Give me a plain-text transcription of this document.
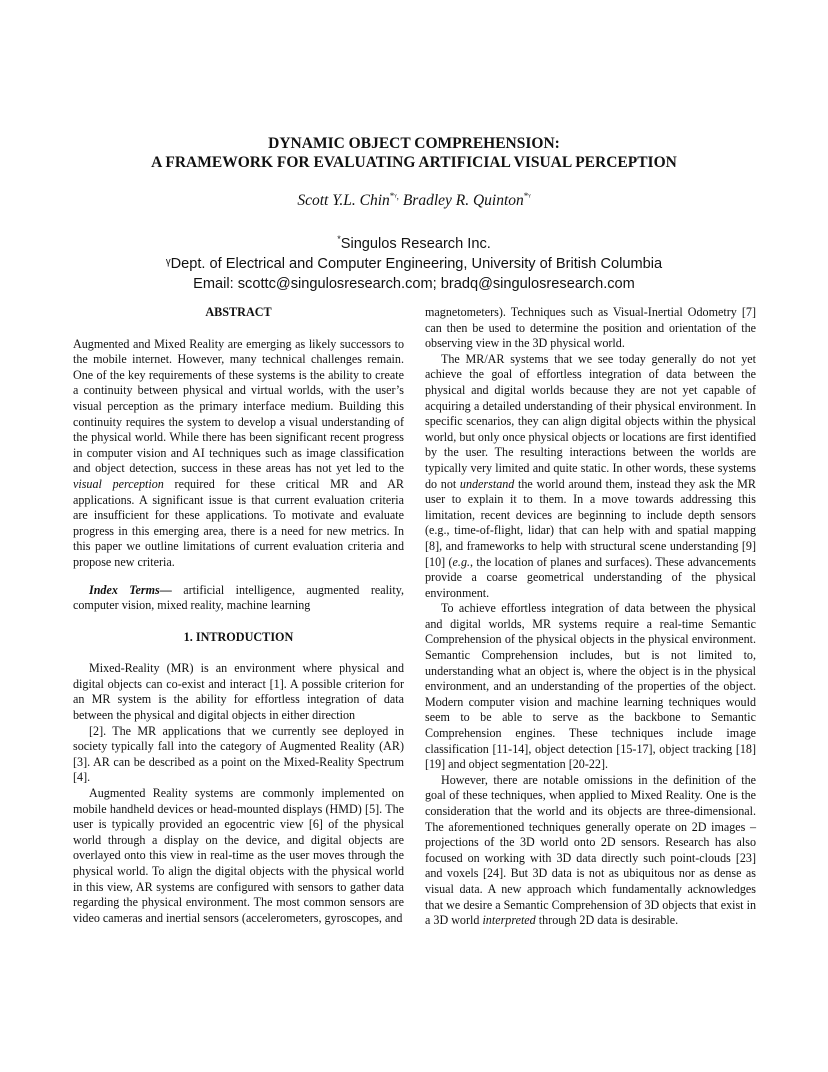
DYNAMIC OBJECT COMPREHENSION:
A FRAMEWORK FOR EVALUATING ARTIFICIAL VISUAL PERCEPTION
Scott Y.L. Chin$^{*ᵞ,}$ Bradley R. Quinton$^{*ᵞ}$
*Singulos Research Inc.
ᵞDept. of Electrical and Computer Engineering, University of British Columbia
Email: scottc@singulosresearch.com; bradq@singulosresearch.com

ABSTRACT

Augmented and Mixed Reality are emerging as likely successors to the mobile internet. However, many technical challenges remain. One of the key requirements of these systems is the ability to create a continuity between physical and virtual worlds, with the user’s visual perception as the primary interface medium. Building this continuity requires the system to develop a visual understanding of the physical world. While there has been significant recent progress in computer vision and AI techniques such as image classification and object detection, success in these areas has not yet led to the visual perception required for these critical MR and AR applications. A significant issue is that current evaluation criteria are insufficient for these applications. To motivate and evaluate progress in this emerging area, there is a need for new metrics. In this paper we outline limitations of current evaluation criteria and propose new criteria.

Index Terms— artificial intelligence, augmented reality, computer vision, mixed reality, machine learning

1. INTRODUCTION

Mixed-Reality (MR) is an environment where physical and digital objects can co-exist and interact [1]. A possible criterion for an MR system is the ability for effortless integration of data between the physical and digital objects in either direction

[2]. The MR applications that we currently see deployed in society typically fall into the category of Augmented Reality (AR) [3]. AR can be described as a point on the Mixed-Reality Spectrum [4].

Augmented Reality systems are commonly implemented on mobile handheld devices or head-mounted displays (HMD) [5]. The user is typically provided an egocentric view [6] of the physical world through a display on the device, and digital objects are overlayed onto this view in real-time as the user moves through the physical world. To align the digital objects with the physical world in this view, AR systems are configured with sensors to gather data regarding the physical environment. The most common sensors are video cameras and inertial sensors (accelerometers, gyroscopes, and

magnetometers). Techniques such as Visual-Inertial Odometry [7] can then be used to determine the position and orientation of the observing view in the 3D physical world.

The MR/AR systems that we see today generally do not yet achieve the goal of effortless integration of data between the physical and digital worlds because they are not yet capable of acquiring a detailed understanding of their physical environment. In specific scenarios, they can align digital objects within the physical world, but only once physical objects or locations are first identified by the user. The resulting interactions between the worlds are typically very limited and quite static. In other words, these systems do not understand the world around them, instead they ask the MR user to explain it to them. In a move towards addressing this limitation, recent devices are beginning to include depth sensors (e.g., time-of-flight, lidar) that can help with and spatial mapping [8], and frameworks to help with structural scene understanding [9][10] (e.g., the location of planes and surfaces). These advancements provide a coarse geometrical understanding of the physical environment.

To achieve effortless integration of data between the physical and digital worlds, MR systems require a real-time Semantic Comprehension of the physical objects in the physical environment. Semantic Comprehension includes, but is not limited to, understanding what an object is, where the object is in the physical environment, and an understanding of the properties of the object. Modern computer vision and machine learning techniques would seem to be able to serve as the backbone to Semantic Comprehension engines. These techniques include image classification [11-14], object detection [15-17], object tracking [18][19] and object segmentation [20-22].

However, there are notable omissions in the definition of the goal of these techniques, when applied to Mixed Reality. One is the consideration that the world and its objects are three-dimensional. The aforementioned techniques generally operate on 2D images – projections of the 3D world onto 2D sensors. Research has also focused on working with 3D data directly such point-clouds [23] and voxels [24]. But 3D data is not as ubiquitous nor as dense as visual data. A new approach which fundamentally acknowledges that we desire a Semantic Comprehension of 3D objects that exist in a 3D world interpreted through 2D data is desirable.
